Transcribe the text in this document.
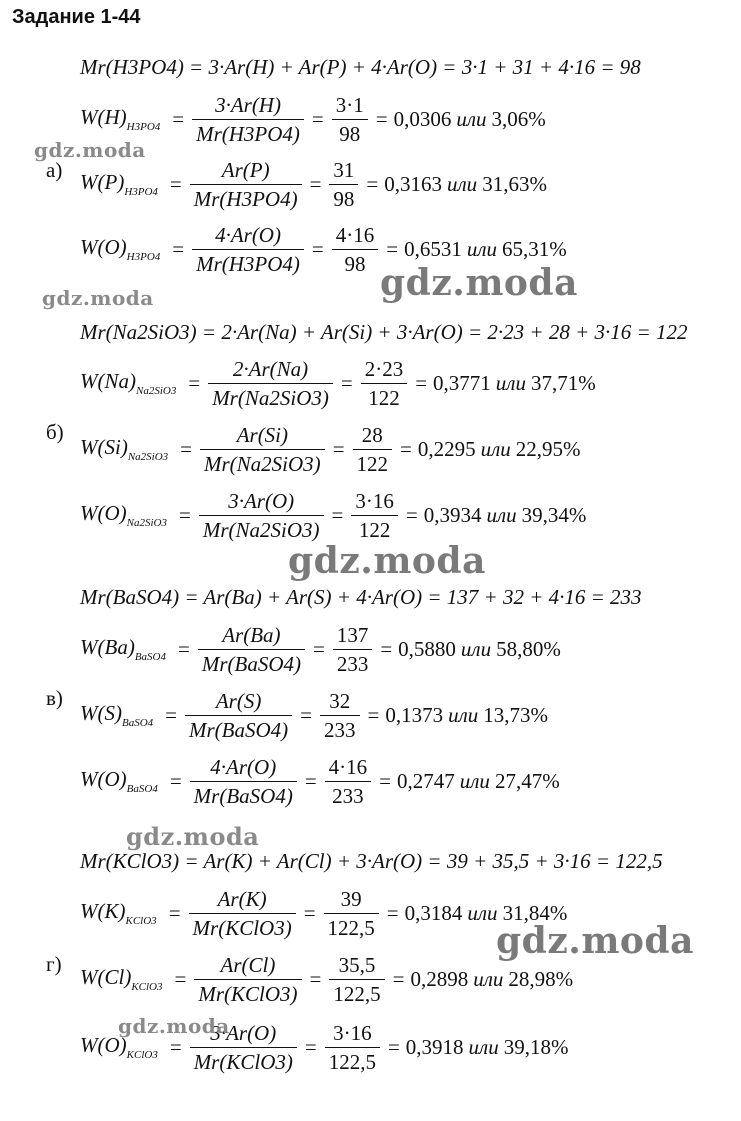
Задание 1-44
Mr(H3PO4) = 3·Ar(H) + Ar(P) + 4·Ar(O) = 3·1 + 31 + 4·16 = 98
$W(H)_{H3PO4} = \frac{3\cdot Ar(H)}{Mr(H3PO4)} = \frac{3\cdot 1}{98} = 0,0306$ или 3,06%
а) $W(P)_{H3PO4} = \frac{Ar(P)}{Mr(H3PO4)} = \frac{31}{98} = 0,3163$ или 31,63%
$W(O)_{H3PO4} = \frac{4\cdot Ar(O)}{Mr(H3PO4)} = \frac{4\cdot 16}{98} = 0,6531$ или 65,31%
Mr(Na2SiO3) = 2·Ar(Na) + Ar(Si) + 3·Ar(O) = 2·23 + 28 + 3·16 = 122
$W(Na)_{Na2SiO3} = \frac{2\cdot Ar(Na)}{\text{Mr(Na2SiO3)}} = \frac{2\cdot 23}{122} = 0,3771$ или 37,71%
б)
$W(Si)_{Na2SiO3} = \frac{Ar(Si)}{\text{Mr(Na2SiO3)}} = \frac{28}{122} = 0,2295$ или 22,95%
$W(O)_{Na2SiO3} = \frac{3\cdot Ar(O)}{\text{Mr(Na2SiO3)}} = \frac{3\cdot 16}{122} = 0,3934$ или 39,34%
Mr(BaSO4) = Ar(Ba) + Ar(S) + 4·Ar(O) = 137 + 32 + 4·16 = 233
$W(Ba)_{BaSO4} = \frac{Ar(Ba)}{\text{Mr(BaSO4)}} = \frac{137}{233} = 0,5880$ или 58,80%
в)
$W(S)_{BaSO4} = \frac{Ar(S)}{\text{Mr(BaSO4)}} = \frac{32}{233} = 0,1373$ или 13,73%
$W(O)_{BaSO4} = \frac{4\cdot Ar(O)}{\text{Mr(BaSO4)}} = \frac{4\cdot 16}{233} = 0,2747$ или 27,47%
Mr(KClO3) = Ar(K) + Ar(Cl) + 3·Ar(O) = 39 + 35,5 + 3·16 = 122,5
$W(K)_{KClO3} = \frac{Ar(K)}{\text{Mr(KClO3)}} = \frac{39}{122,5} = 0,3184$ или 31,84%
г)
$W(Cl)_{KClO3} = \frac{Ar(Cl)}{\text{Mr(KClO3)}} = \frac{35,5}{122,5} = 0,2898$ или 28,98%
$W(O)_{KClO3} = \frac{3\cdot Ar(O)}{\text{Mr(KClO3)}} = \frac{3\cdot 16}{122,5} = 0,3918$ или 39,18%
gdz.moda
gdz.moda
gdz.moda
gdz.moda
gdz.moda
gdz.moda
gdz.moda
